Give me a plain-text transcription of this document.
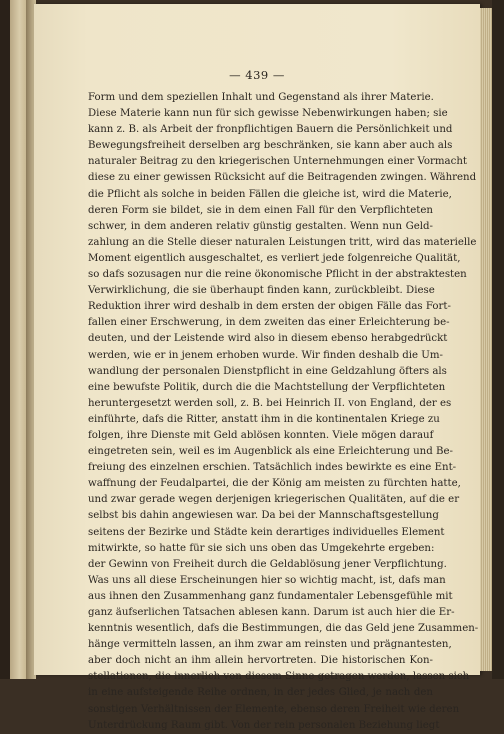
— 439 —
Form und dem speziellen Inhalt und Gegenstand als ihrer Materie.
Diese Materie kann nun für sich gewisse Nebenwirkungen haben; sie
kann z. B. als Arbeit der fronpflichtigen Bauern die Persönlichkeit und
Bewegungsfreiheit derselben arg beschränken, sie kann aber auch als
naturaler Beitrag zu den kriegerischen Unternehmungen einer Vormacht
diese zu einer gewissen Rücksicht auf die Beitragenden zwingen. Während
die Pflicht als solche in beiden Fällen die gleiche ist, wird die Materie,
deren Form sie bildet, sie in dem einen Fall für den Verpflichteten
schwer, in dem anderen relativ günstig gestalten. Wenn nun Geld-
zahlung an die Stelle dieser naturalen Leistungen tritt, wird das materielle
Moment eigentlich ausgeschaltet, es verliert jede folgenreiche Qualität,
so dafs sozusagen nur die reine ökonomische Pflicht in der abstraktesten
Verwirklichung, die sie überhaupt finden kann, zurückbleibt. Diese
Reduktion ihrer wird deshalb in dem ersten der obigen Fälle das Fort-
fallen einer Erschwerung, in dem zweiten das einer Erleichterung be-
deuten, und der Leistende wird also in diesem ebenso herabgedrückt
werden, wie er in jenem erhoben wurde. Wir finden deshalb die Um-
wandlung der personalen Dienstpflicht in eine Geldzahlung öfters als
eine bewufste Politik, durch die die Machtstellung der Verpflichteten
heruntergesetzt werden soll, z. B. bei Heinrich II. von England, der es
einführte, dafs die Ritter, anstatt ihm in die kontinentalen Kriege zu
folgen, ihre Dienste mit Geld ablösen konnten. Viele mögen darauf
eingetreten sein, weil es im Augenblick als eine Erleichterung und Be-
freiung des einzelnen erschien. Tatsächlich indes bewirkte es eine Ent-
waffnung der Feudalpartei, die der König am meisten zu fürchten hatte,
und zwar gerade wegen derjenigen kriegerischen Qualitäten, auf die er
selbst bis dahin angewiesen war. Da bei der Mannschaftsgestellung
seitens der Bezirke und Städte kein derartiges individuelles Element
mitwirkte, so hatte für sie sich uns oben das Umgekehrte ergeben:
der Gewinn von Freiheit durch die Geldablösung jener Verpflichtung.
Was uns all diese Erscheinungen hier so wichtig macht, ist, dafs man
aus ihnen den Zusammenhang ganz fundamentaler Lebensgefühle mit
ganz äufserlichen Tatsachen ablesen kann. Darum ist auch hier die Er-
kenntnis wesentlich, dafs die Bestimmungen, die das Geld jene Zusammen-
hänge vermitteln lassen, an ihm zwar am reinsten und prägnantesten,
aber doch nicht an ihm allein hervortreten. Die historischen Kon-
stellationen, die innerlich von diesem Sinne getragen werden, lassen sich
in eine aufsteigende Reihe ordnen, in der jedes Glied, je nach den
sonstigen Verhältnissen der Elemente, ebenso deren Freiheit wie deren
Unterdrückung Raum gibt. Von der rein personalen Beziehung liegt
